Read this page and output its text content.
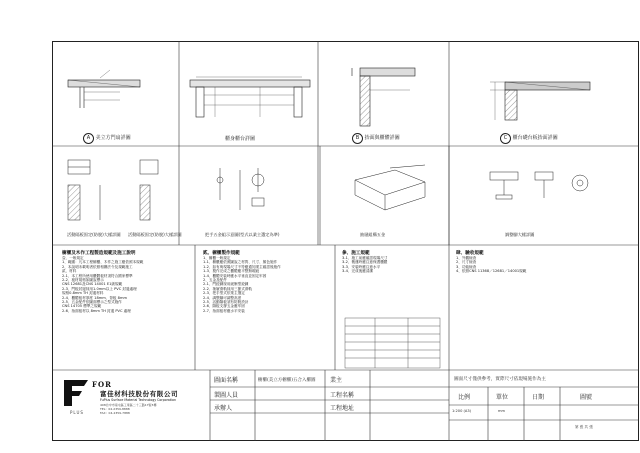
A 美立方門扇詳圖	櫃身櫃台詳圖	B 抬面與櫃體詳圖	C 櫃台礎台板抬面詳圖
活動隔板固定(防脫)大樣詳圖 活動隔板固定(防脫)大樣詳圖	把手五金組示意圖(型式以業主選定為準)	抽屜組構五金	調整腳大樣詳圖
櫥櫃及木作工程製造規範及施工說明
壹、一般規定
1、範圍：凡本工程櫥櫃、木作之施工應依照本規範
2、本說明未載明者依照相關法令及規範施工
貳、材料
2-1、本工程所使用櫃體板材須符合國家標準
2-2、板材規格如圖說標示
CNS 12681及CNS 14001 E1級規範
2-3、門板封邊採用1.0mm以上 PVC 封邊處理
規格0.8mm TH 封邊材料
2-4、櫃體板材厚度 18mm、背板 8mm
2-5、五金配件依圖面標示之型式施作
CNS 14705 標準之規範
2-6、抬面板材以 8mm TH 封邊 PVC 處理
貳、櫥櫃製作規範
1、櫥櫃一般規定
1-1、櫥櫃應依照圖說之材質、尺寸、顏色施作
1-2、如有與現場尺寸不符應通知業主確認後施作
1-3、製作完成之櫃體應平整無瑕疵
1-4、櫃體安裝時應水平垂直並固定牢固
2、五金及配件
2-1、門鉸鍊採用緩衝型鉸鍊
2-2、抽屜滑軌採用三節式滑軌
2-3、把手型式依業主選定
2-4、調整腳可調整高度
2-5、活動隔板須有防脫設計
2-6、隔板支撐五金應牢固
2-7、抬面板材應水平安裝
參、施工規範
3-1、施工前應確認現場尺寸
3-2、搬運時應注意保護櫃體
3-3、安裝時應注意水平
3-4、完成後應清潔
肆、驗收規範
1、外觀檢查
2、尺寸檢查
3、功能檢查
4、依照CNS 11368／12681／14001規範
FOR
PLUS
富佳材科技股份有限公司
FuPlus Surface Material Technology Corporation
408台中市南屯區工業區二十三路17號3樓
TEL：04-2359-8888
FAX：04-2359-7888
圖面名稱	櫥櫃(美立方櫥櫃)五合入櫃圖 業主
製圖人員	工程名稱
承辦人	工程地址
圖面尺寸僅供參考，實際尺寸依現場施作為主
比例	單位	日期	圖號
1:200 (A3)	mm
第 張 共 張
